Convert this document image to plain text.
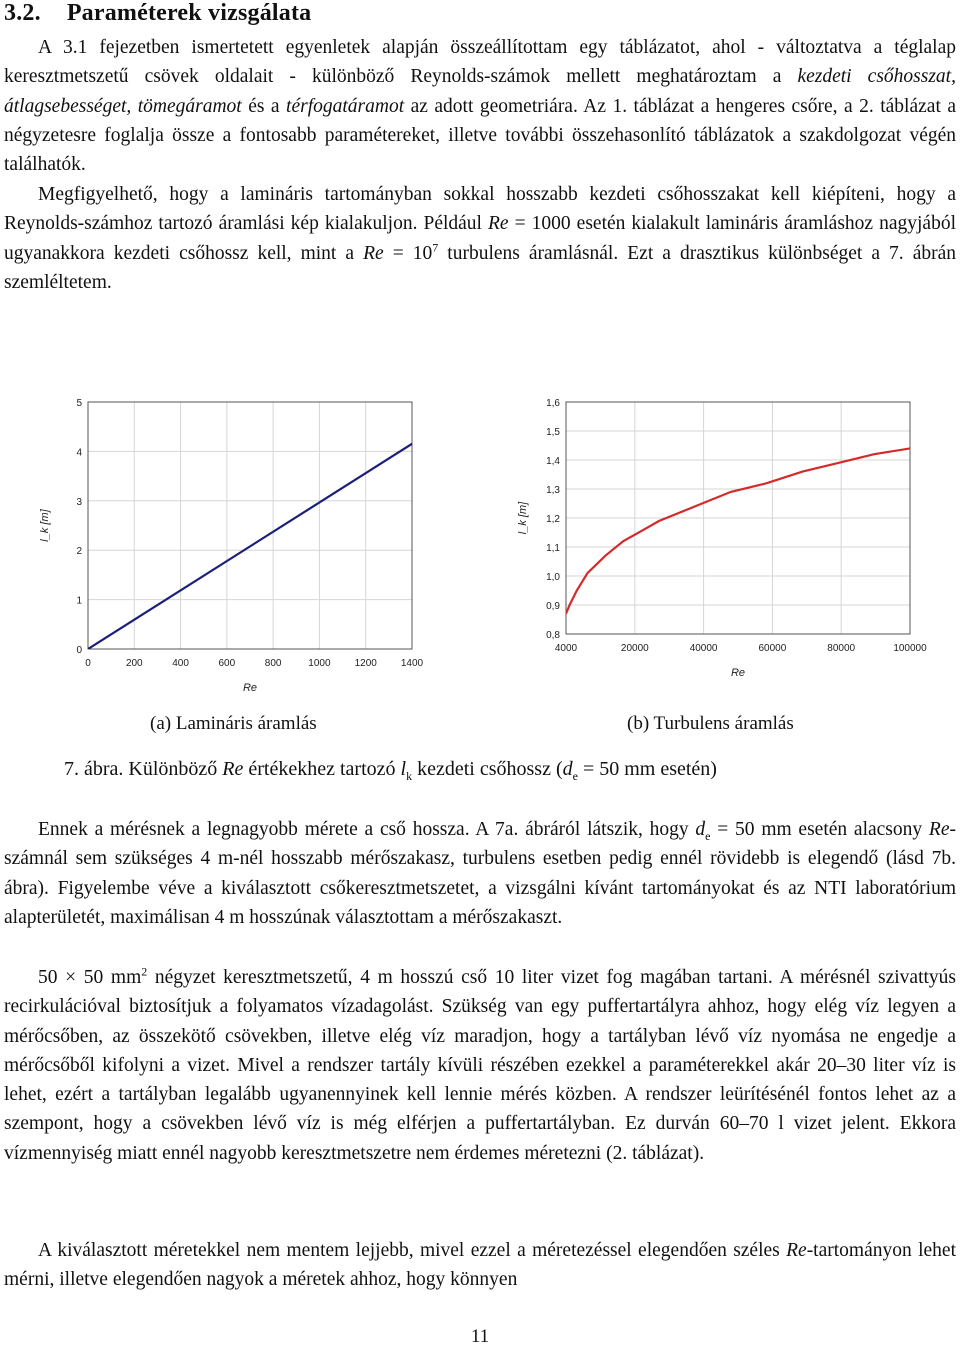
3.2. Paraméterek vizsgálata

A 3.1 fejezetben ismertetett egyenletek alapján összeállítottam egy táblázatot, ahol - változtatva a téglalap keresztmetszetű csövek oldalait - különböző Reynolds-számok mellett meghatároztam a kezdeti csőhosszat, átlagsebességet, tömegáramot és a térfogatáramot az adott geometriára. Az 1. táblázat a hengeres csőre, a 2. táblázat a négyzetesre foglalja össze a fontosabb paramétereket, illetve további összehasonlító táblázatok a szakdolgozat végén találhatók.

Megfigyelhető, hogy a lamináris tartományban sokkal hosszabb kezdeti csőhosszakat kell kiépíteni, hogy a Reynolds-számhoz tartozó áramlási kép kialakuljon. Például Re = 1000 esetén kialakult lamináris áramláshoz nagyjából ugyanakkora kezdeti csőhossz kell, mint a $Re = 10^7$ turbulens áramlásnál. Ezt a drasztikus különbséget a 7. ábrán szemléltetem.

0
1
2
3
4
5
0	200	400	600	800	1000 1200 1400
Re
l_k [m]
0,8
0,9
1,0
1,1
1,2
1,3
1,4
1,5
1,6
4000	20000	40000	60000	80000	100000
Re
l_k [m]
(a) Lamináris áramlás	(b) Turbulens áramlás
7. ábra. Különböző Re értékekhez tartozó $l_k$ kezdeti csőhossz ($d_e = 50$ mm esetén)

Ennek a mérésnek a legnagyobb mérete a cső hossza. A 7a. ábráról látszik, hogy $d_e = 50$ mm esetén alacsony Re-számnál sem szükséges 4 m-nél hosszabb mérőszakasz, turbulens esetben pedig ennél rövidebb is elegendő (lásd 7b. ábra). Figyelembe véve a kiválasztott csőkeresztmetszetet, a vizsgálni kívánt tartományokat és az NTI laboratórium alapterületét, maximálisan 4 m hosszúnak választottam a mérőszakaszt.

50 × 50 $mm^2$ négyzet keresztmetszetű, 4 m hosszú cső 10 liter vizet fog magában tartani. A mérésnél szivattyús recirkulációval biztosítjuk a folyamatos vízadagolást. Szükség van egy puffertartályra ahhoz, hogy elég víz legyen a mérőcsőben, az összekötő csövekben, illetve elég víz maradjon, hogy a tartályban lévő víz nyomása ne engedje a mérőcsőből kifolyni a vizet. Mivel a rendszer tartály kívüli részében ezekkel a paraméterekkel akár 20–30 liter víz is lehet, ezért a tartályban legalább ugyanennyinek kell lennie mérés közben. A rendszer leürítésénél fontos lehet az a szempont, hogy a csövekben lévő víz is még elférjen a puffertartályban. Ez durván 60–70 l vizet jelent. Ekkora vízmennyiség miatt ennél nagyobb keresztmetszetre nem érdemes méretezni (2. táblázat).

A kiválasztott méretekkel nem mentem lejjebb, mivel ezzel a méretezéssel elegendően széles Re-tartományon lehet mérni, illetve elegendően nagyok a méretek ahhoz, hogy könnyen

11
